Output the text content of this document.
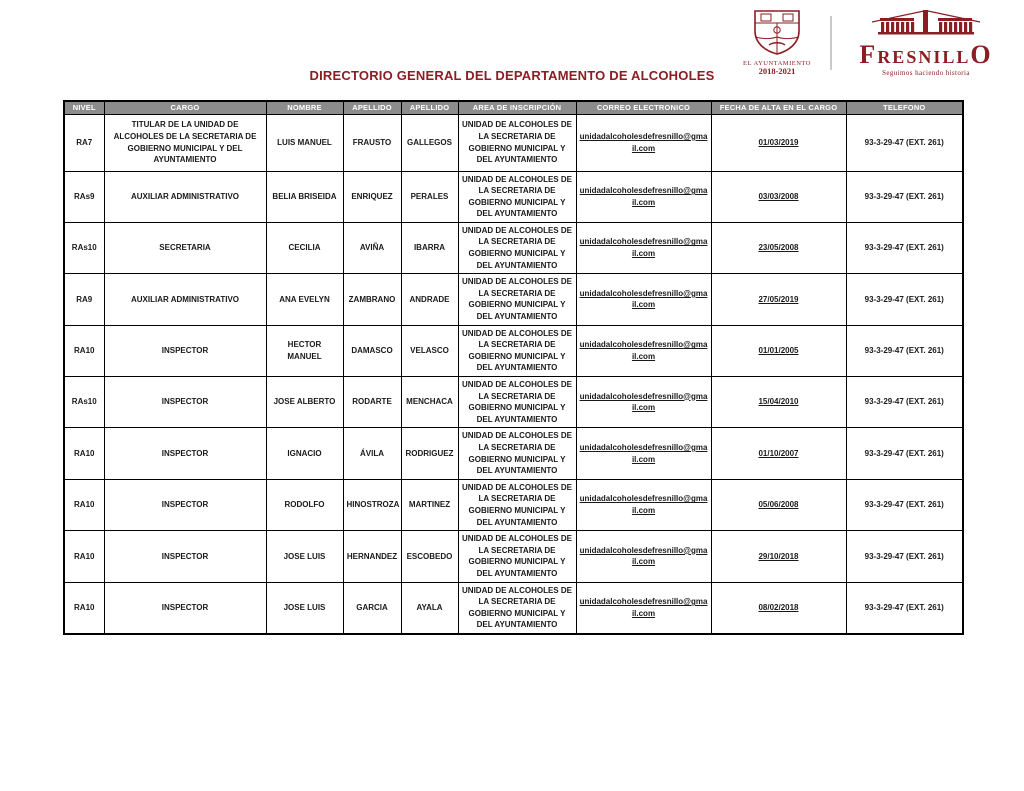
EL AYUNTAMIENTO
2018-2021
FRESNILLO
Seguimos haciendo historia
DIRECTORIO GENERAL DEL DEPARTAMENTO DE ALCOHOLES
NIVEL	CARGO	NOMBRE	APELLIDO	APELLIDO	AREA DE INSCRIPCIÓN	CORREO ELECTRONICO	FECHA DE ALTA EN EL CARGO	TELEFONO
RA7	TITULAR DE LA UNIDAD DE ALCOHOLES DE LA SECRETARIA DE GOBIERNO MUNICIPAL Y DEL AYUNTAMIENTO	LUIS MANUEL	FRAUSTO	GALLEGOS	UNIDAD DE ALCOHOLES DE LA SECRETARIA DE GOBIERNO MUNICIPAL Y DEL AYUNTAMIENTO	unidadalcoholesdefresnillo@gmail.com	01/03/2019	93-3-29-47 (EXT. 261)
RAs9	AUXILIAR ADMINISTRATIVO	BELIA BRISEIDA	ENRIQUEZ	PERALES	UNIDAD DE ALCOHOLES DE LA SECRETARIA DE GOBIERNO MUNICIPAL Y DEL AYUNTAMIENTO	unidadalcoholesdefresnillo@gmail.com	03/03/2008	93-3-29-47 (EXT. 261)
RAs10	SECRETARIA	CECILIA	AVIÑA	IBARRA	UNIDAD DE ALCOHOLES DE LA SECRETARIA DE GOBIERNO MUNICIPAL Y DEL AYUNTAMIENTO	unidadalcoholesdefresnillo@gmail.com	23/05/2008	93-3-29-47 (EXT. 261)
RA9	AUXILIAR ADMINISTRATIVO	ANA EVELYN	ZAMBRANO	ANDRADE	UNIDAD DE ALCOHOLES DE LA SECRETARIA DE GOBIERNO MUNICIPAL Y DEL AYUNTAMIENTO	unidadalcoholesdefresnillo@gmail.com	27/05/2019	93-3-29-47 (EXT. 261)
RA10	INSPECTOR	HECTOR MANUEL	DAMASCO	VELASCO	UNIDAD DE ALCOHOLES DE LA SECRETARIA DE GOBIERNO MUNICIPAL Y DEL AYUNTAMIENTO	unidadalcoholesdefresnillo@gmail.com	01/01/2005	93-3-29-47 (EXT. 261)
RAs10	INSPECTOR	JOSE ALBERTO	RODARTE	MENCHACA	UNIDAD DE ALCOHOLES DE LA SECRETARIA DE GOBIERNO MUNICIPAL Y DEL AYUNTAMIENTO	unidadalcoholesdefresnillo@gmail.com	15/04/2010	93-3-29-47 (EXT. 261)
RA10	INSPECTOR	IGNACIO	ÁVILA	RODRIGUEZ	UNIDAD DE ALCOHOLES DE LA SECRETARIA DE GOBIERNO MUNICIPAL Y DEL AYUNTAMIENTO	unidadalcoholesdefresnillo@gmail.com	01/10/2007	93-3-29-47 (EXT. 261)
RA10	INSPECTOR	RODOLFO	HINOSTROZA	MARTINEZ	UNIDAD DE ALCOHOLES DE LA SECRETARIA DE GOBIERNO MUNICIPAL Y DEL AYUNTAMIENTO	unidadalcoholesdefresnillo@gmail.com	05/06/2008	93-3-29-47 (EXT. 261)
RA10	INSPECTOR	JOSE LUIS	HERNANDEZ	ESCOBEDO	UNIDAD DE ALCOHOLES DE LA SECRETARIA DE GOBIERNO MUNICIPAL Y DEL AYUNTAMIENTO	unidadalcoholesdefresnillo@gmail.com	29/10/2018	93-3-29-47 (EXT. 261)
RA10	INSPECTOR	JOSE LUIS	GARCIA	AYALA	UNIDAD DE ALCOHOLES DE LA SECRETARIA DE GOBIERNO MUNICIPAL Y DEL AYUNTAMIENTO	unidadalcoholesdefresnillo@gmail.com	08/02/2018	93-3-29-47 (EXT. 261)
